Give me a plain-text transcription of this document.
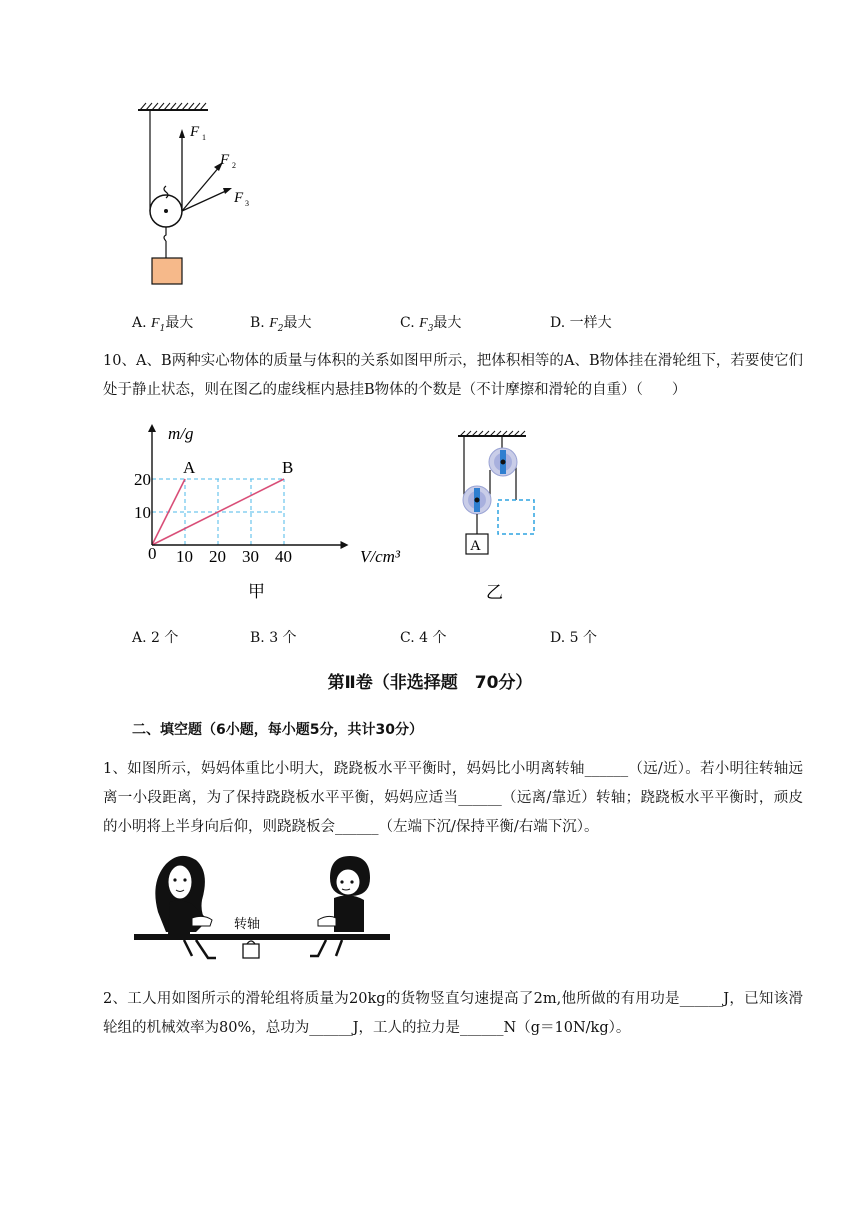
F 1
F 2
F 3
A. $F_1$最大	B. $F_2$最大	C. $F_3$最大	D. 一样大
10、A、B两种实心物体的质量与体积的关系如图甲所示，把体积相等的A、B物体挂在滑轮组下，若要使它们处于静止状态，则在图乙的虚线框内悬挂B物体的个数是（不计摩擦和滑轮的自重）（　　）
A	B
10 20 30 40
10
20
m/g
V/cm³
0
甲
A
乙
A. 2 个	B. 3 个	C. 4 个	D. 5 个
第Ⅱ卷（非选择题　70分）
二、填空题（6小题，每小题5分，共计30分）
1、如图所示，妈妈体重比小明大，跷跷板水平平衡时，妈妈比小明离转轴______（远/近）。若小明往转轴远离一小段距离，为了保持跷跷板水平平衡，妈妈应适当______（远离/靠近）转轴；跷跷板水平平衡时，顽皮的小明将上半身向后仰，则跷跷板会______（左端下沉/保持平衡/右端下沉）。
转轴
2、工人用如图所示的滑轮组将质量为20kg的货物竖直匀速提高了2m,他所做的有用功是______J，已知该滑轮组的机械效率为80%，总功为______J，工人的拉力是______N（g＝10N/kg）。
